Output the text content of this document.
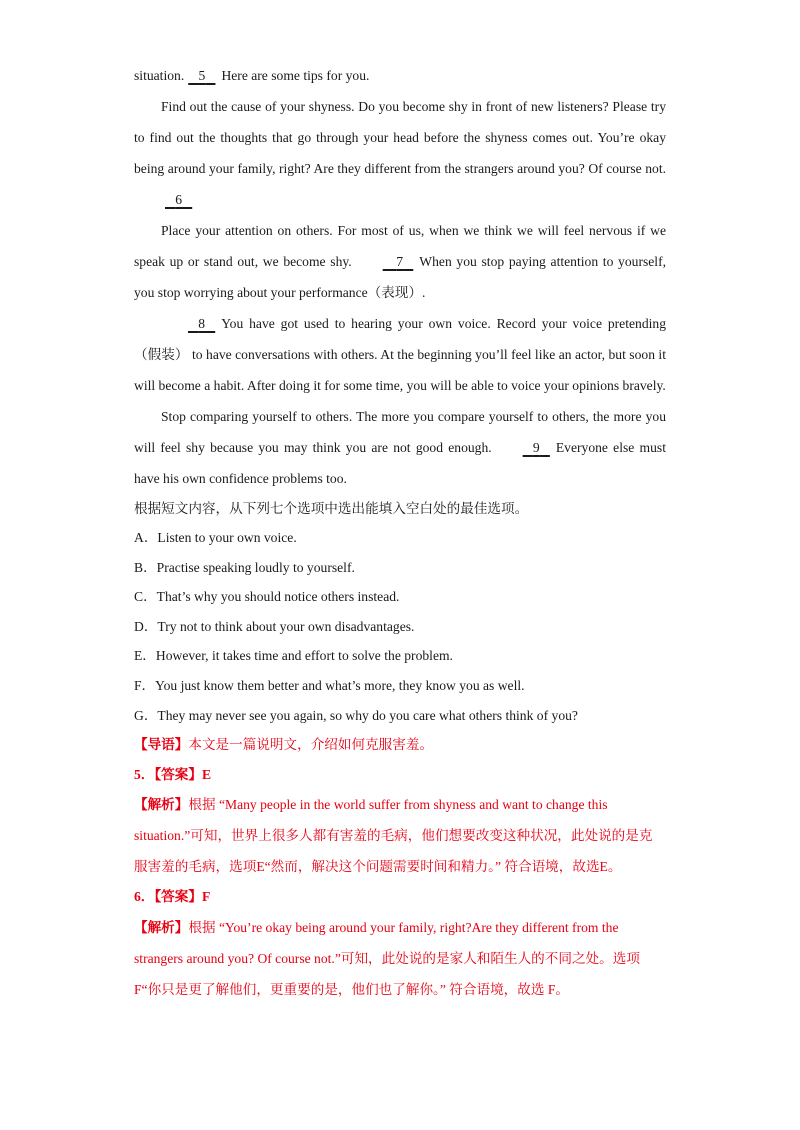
situation. 5 Here are some tips for you.

Find out the cause of your shyness. Do you become shy in front of new listeners? Please try to find out the thoughts that go through your head before the shyness comes out. You’re okay being around your family, right? Are they different from the strangers around you? Of course not.   6

Place your attention on others. For most of us, when we think we will feel nervous if we speak up or stand out, we become shy.	7 When you stop paying attention to yourself, you stop worrying about your performance（表现）.

8 You have got used to hearing your own voice. Record your voice pretending （假装） to have conversations with others. At the beginning you’ll feel like an actor, but soon it will become a habit. After doing it for some time, you will be able to voice your opinions bravely.

Stop comparing yourself to others. The more you compare yourself to others, the more you will feel shy because you may think you are not good enough.	9 Everyone else must have his own confidence problems too.

根据短文内容，从下列七个选项中选出能填入空白处的最佳选项。

A．Listen to your own voice.

B．Practise speaking loudly to yourself.

C．That’s why you should notice others instead.

D．Try not to think about your own disadvantages.

E．However, it takes time and effort to solve the problem.

F．You just know them better and what’s more, they know you as well.

G．They may never see you again, so why do you care what others think of you?

【导语】本文是一篇说明文，介绍如何克服害羞。

5．【答案】E

【解析】根据 “Many people in the world suffer from shyness and want to change this situation.”可知，世界上很多人都有害羞的毛病，他们想要改变这种状况，此处说的是克服害羞的毛病，选项E“然而，解决这个问题需要时间和精力。” 符合语境，故选E。

6．【答案】F

【解析】根据 “You’re okay being around your family, right?Are they different from the strangers around you? Of course not.”可知，此处说的是家人和陌生人的不同之处。选项F“你只是更了解他们，更重要的是，他们也了解你。” 符合语境，故选 F。
